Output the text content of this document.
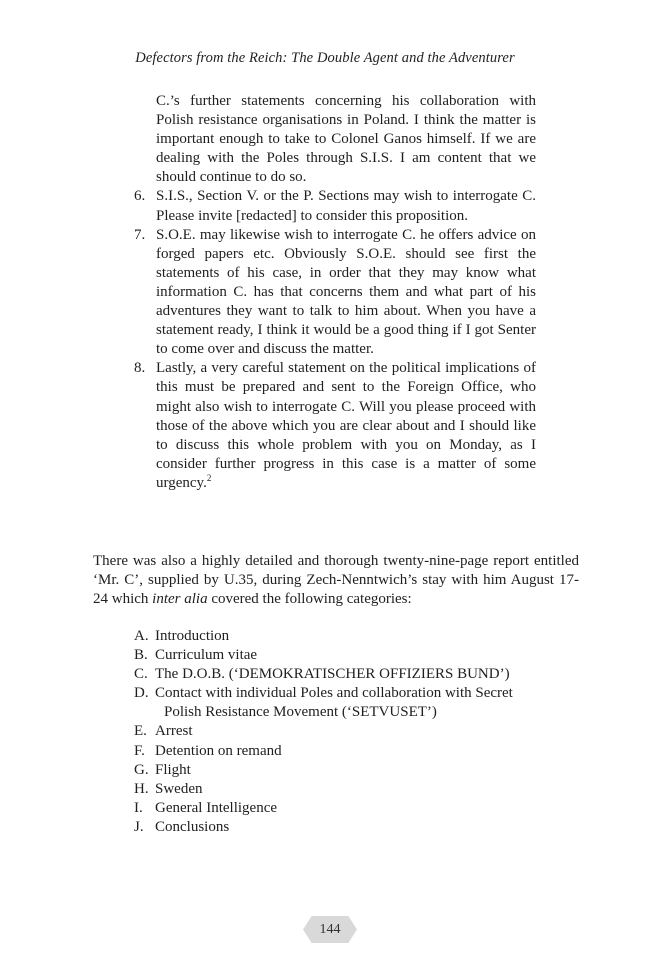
Defectors from the Reich: The Double Agent and the Adventurer
C.’s further statements concerning his collaboration with Polish resistance organisations in Poland. I think the matter is important enough to take to Colonel Ganos himself. If we are dealing with the Poles through S.I.S. I am content that we should continue to do so.
6. S.I.S., Section V. or the P. Sections may wish to interrogate C. Please invite [redacted] to consider this proposition.
7. S.O.E. may likewise wish to interrogate C. he offers advice on forged papers etc. Obviously S.O.E. should see first the statements of his case, in order that they may know what information C. has that concerns them and what part of his adventures they want to talk to him about. When you have a statement ready, I think it would be a good thing if I got Senter to come over and discuss the matter.
8. Lastly, a very careful statement on the political implications of this must be prepared and sent to the Foreign Office, who might also wish to interrogate C. Will you please proceed with those of the above which you are clear about and I should like to discuss this whole problem with you on Monday, as I consider further progress in this case is a matter of some urgency.$^2$
There was also a highly detailed and thorough twenty-nine-page report entitled ‘Mr. C’, supplied by U.35, during Zech-Nenntwich’s stay with him August 17-24 which inter alia covered the following categories:
A. Introduction
B. Curriculum vitae
C. The D.O.B. (‘DEMOKRATISCHER OFFIZIERS BUND’)
D. Contact with individual Poles and collaboration with Secret
Polish Resistance Movement (‘SETVUSET’)
E. Arrest
F. Detention on remand
G. Flight
H. Sweden
I. General Intelligence
J. Conclusions
144
